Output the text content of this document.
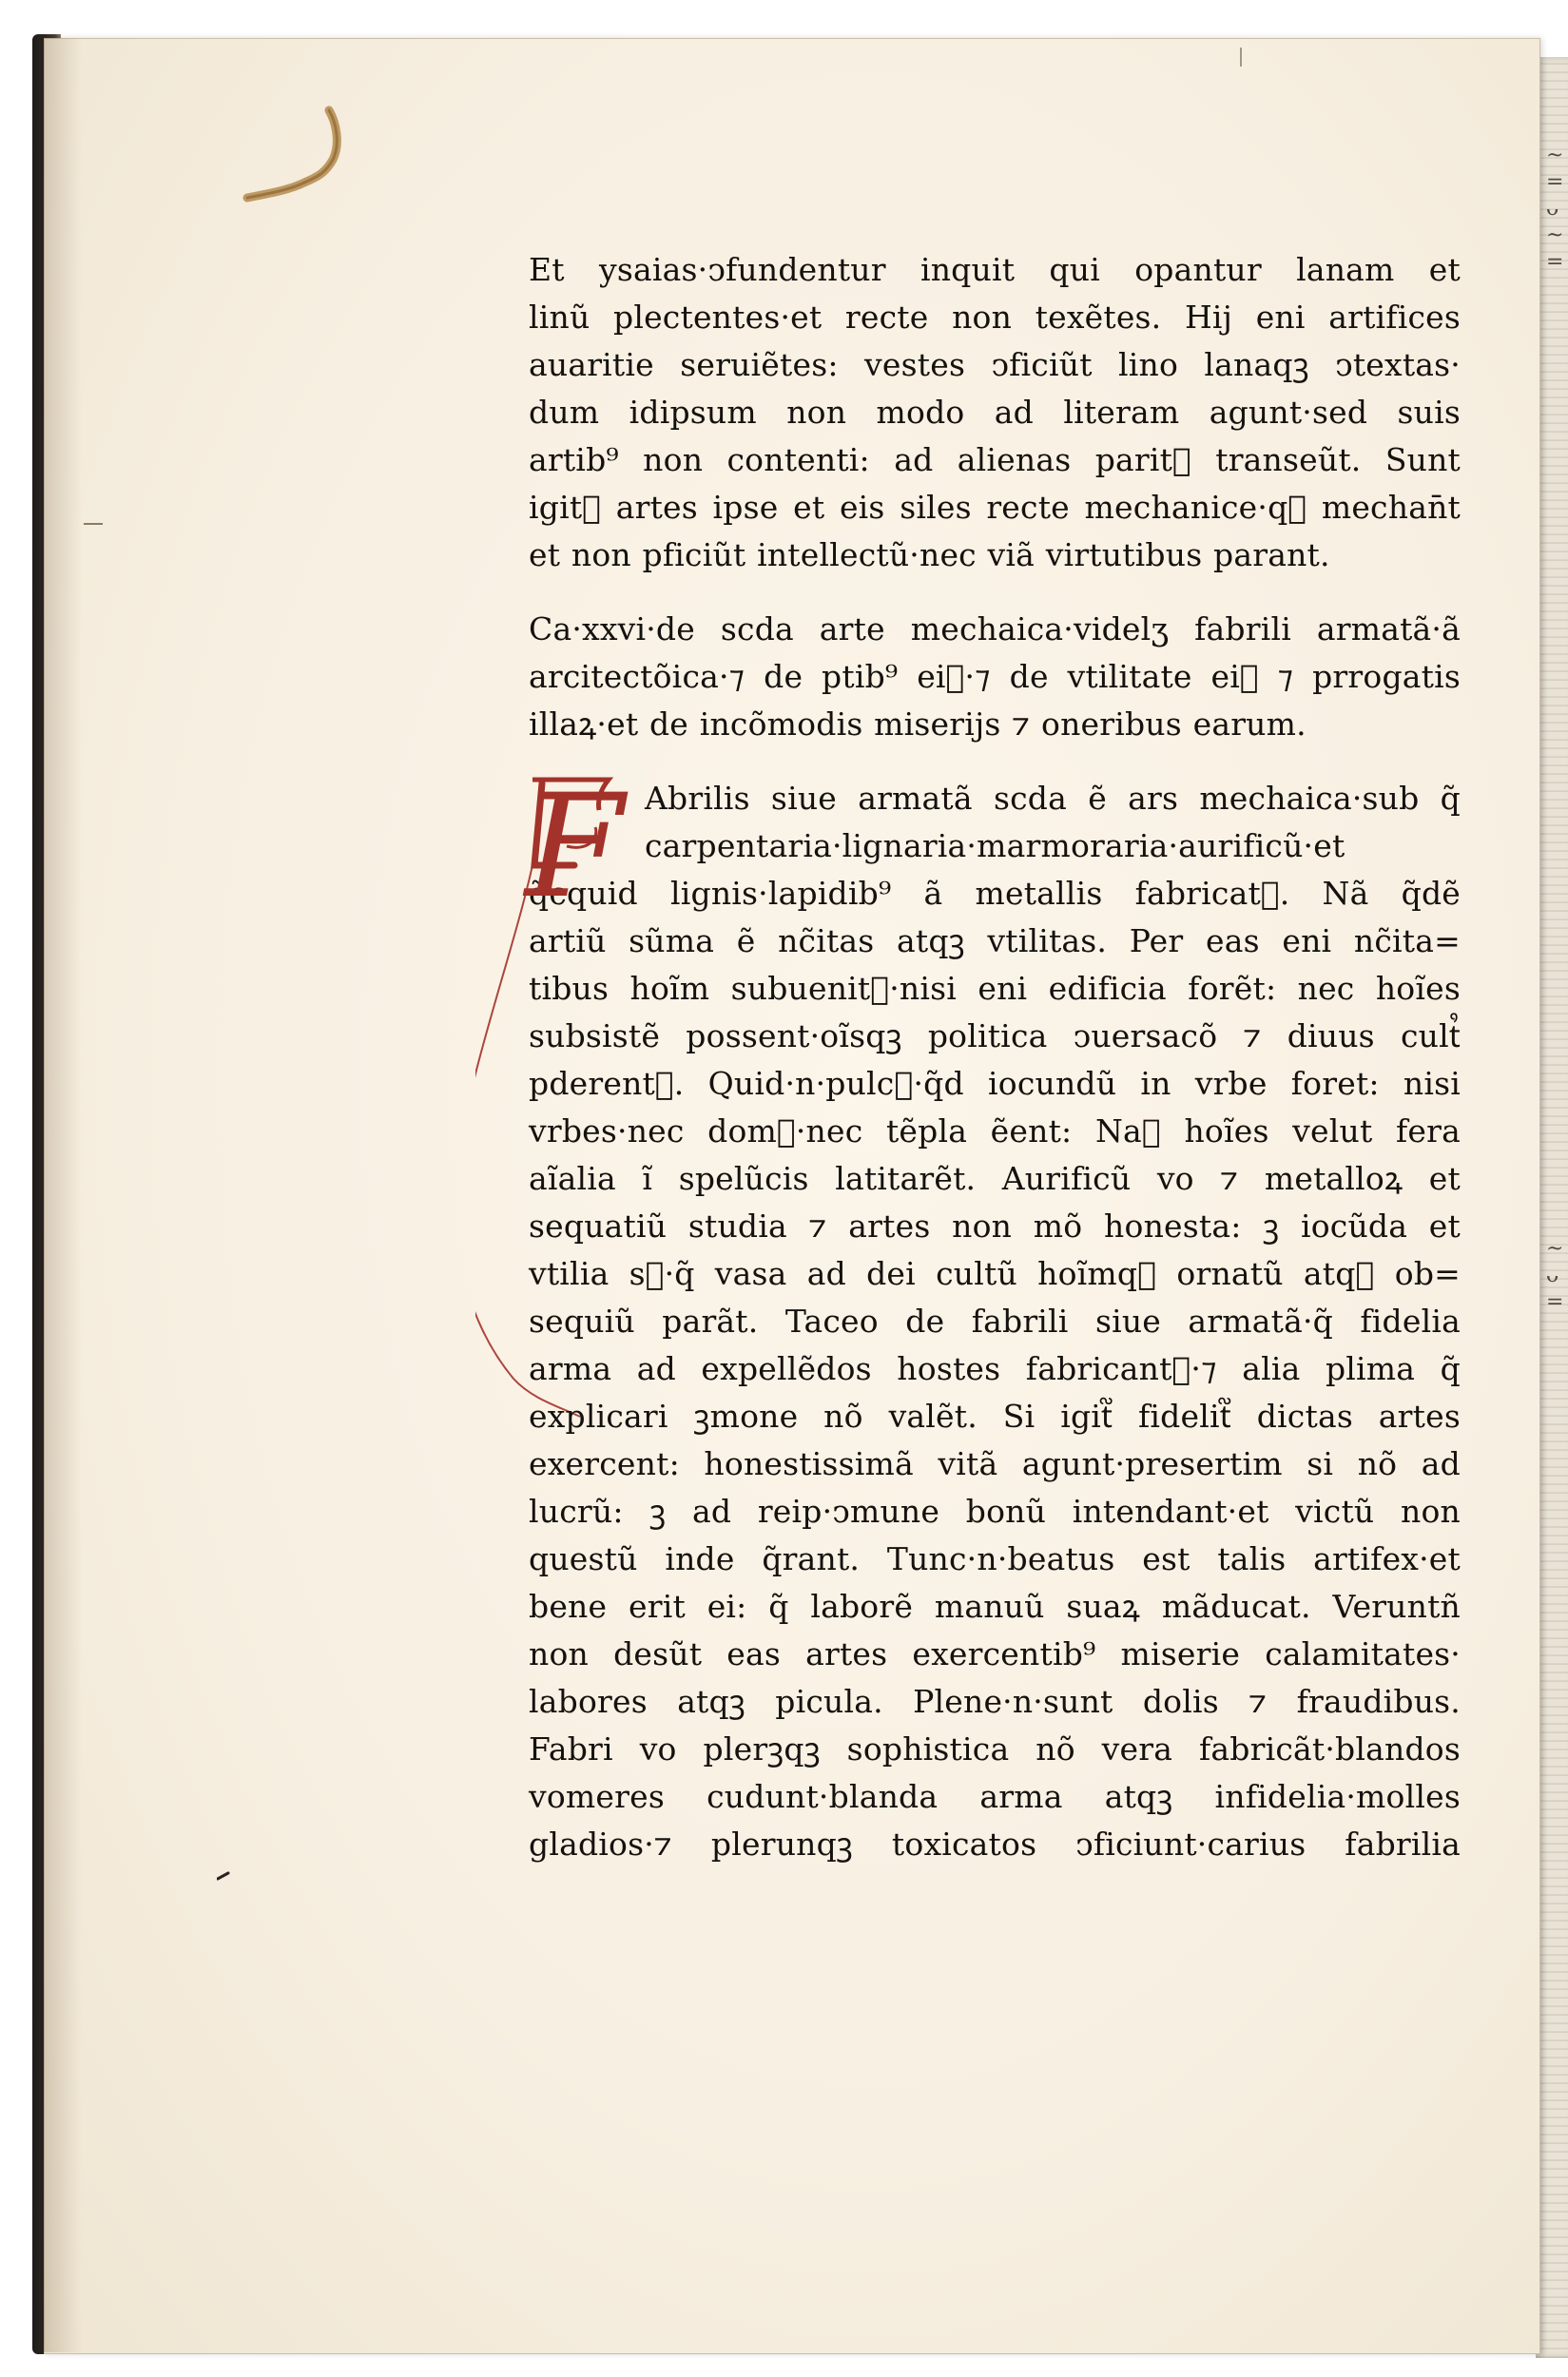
~
=
ᴗ
~
=
~
ᴗ
=
Et ysaias·ↄfundentur inquit qui opantur lanam et
linũ plectentes·et recte non texẽtes. Hij eni artifices
auaritie seruiẽtes: vestes ↄficiũt lino lanaqꝫ ↄtextas·
dum idipsum non modo ad literam agunt·sed suis
artib⁹ non contenti: ad alienas parit᷑ transeũt. Sunt
igit᷑ artes ipse et eis siles recte mechanice·q᷑ mechan̄t
et non pficiũt intellectũ·nec viã virtutibus parant.
Ca·xxvi·de scda arte mechaica·videlʒ fabrili armatã·ã
arcitectõica·⁊ de ptib⁹ ei᷒·⁊ de vtilitate ei᷒ ⁊ prrogatis
illaꝝ·et de incõmodis miserijs ⁊ oneribus earum.
Abrilis siue armatã scda ẽ ars mechaica·sub q̃
carpentaria·lignaria·marmoraria·aurificũ·et
q̃cquid lignis·lapidib⁹ ã metallis fabricat᷑. Nã q̃dẽ
artiũ sũma ẽ nc̃itas atqꝫ vtilitas. Per eas eni nc̃ita=
tibus hoĩm subuenit᷑·nisi eni edificia forẽt: nec hoĩes
subsistẽ possent·oĩsqꝫ politica ↄuersacõ ⁊ diuus cult᷒
pderent᷑. Quid·n·pulcꝫ·q̃d iocundũ in vrbe foret: nisi
vrbes·nec dom᷒·nec tẽpla ẽent: Naꝫ hoĩes velut fera
aĩalia ĩ spelũcis latitarẽt. Aurificũ vo ⁊ metalloꝝ et
sequatiũ studia ⁊ artes non mõ honesta: ꝫ iocũda et
vtilia sᷦ·q̃ vasa ad dei cultũ hoĩmqꝫ ornatũ atqꝫ ob=
sequiũ parãt. Taceo de fabrili siue armatã·q̃ fidelia
arma ad expellẽdos hostes fabricant᷑·⁊ alia plima q̃
explicari ꝫmone nõ valẽt. Si igit᷑ fidelit᷑ dictas artes
exercent: honestissimã vitã agunt·presertim si nõ ad
lucrũ: ꝫ ad reip·ↄmune bonũ intendant·et victũ non
questũ inde q̃rant. Tunc·n·beatus est talis artifex·et
bene erit ei: q̃ laborẽ manuũ suaꝝ mãducat. Veruntñ
non desũt eas artes exercentib⁹ miserie calamitates·
labores atqꝫ picula. Plene·n·sunt dolis ⁊ fraudibus.
Fabri vo plerꝫqꝫ sophistica nõ vera fabricãt·blandos
vomeres cudunt·blanda arma atqꝫ infidelia·molles
gladios·⁊ plerunqꝫ toxicatos ↄficiunt·carius fabrilia
F
